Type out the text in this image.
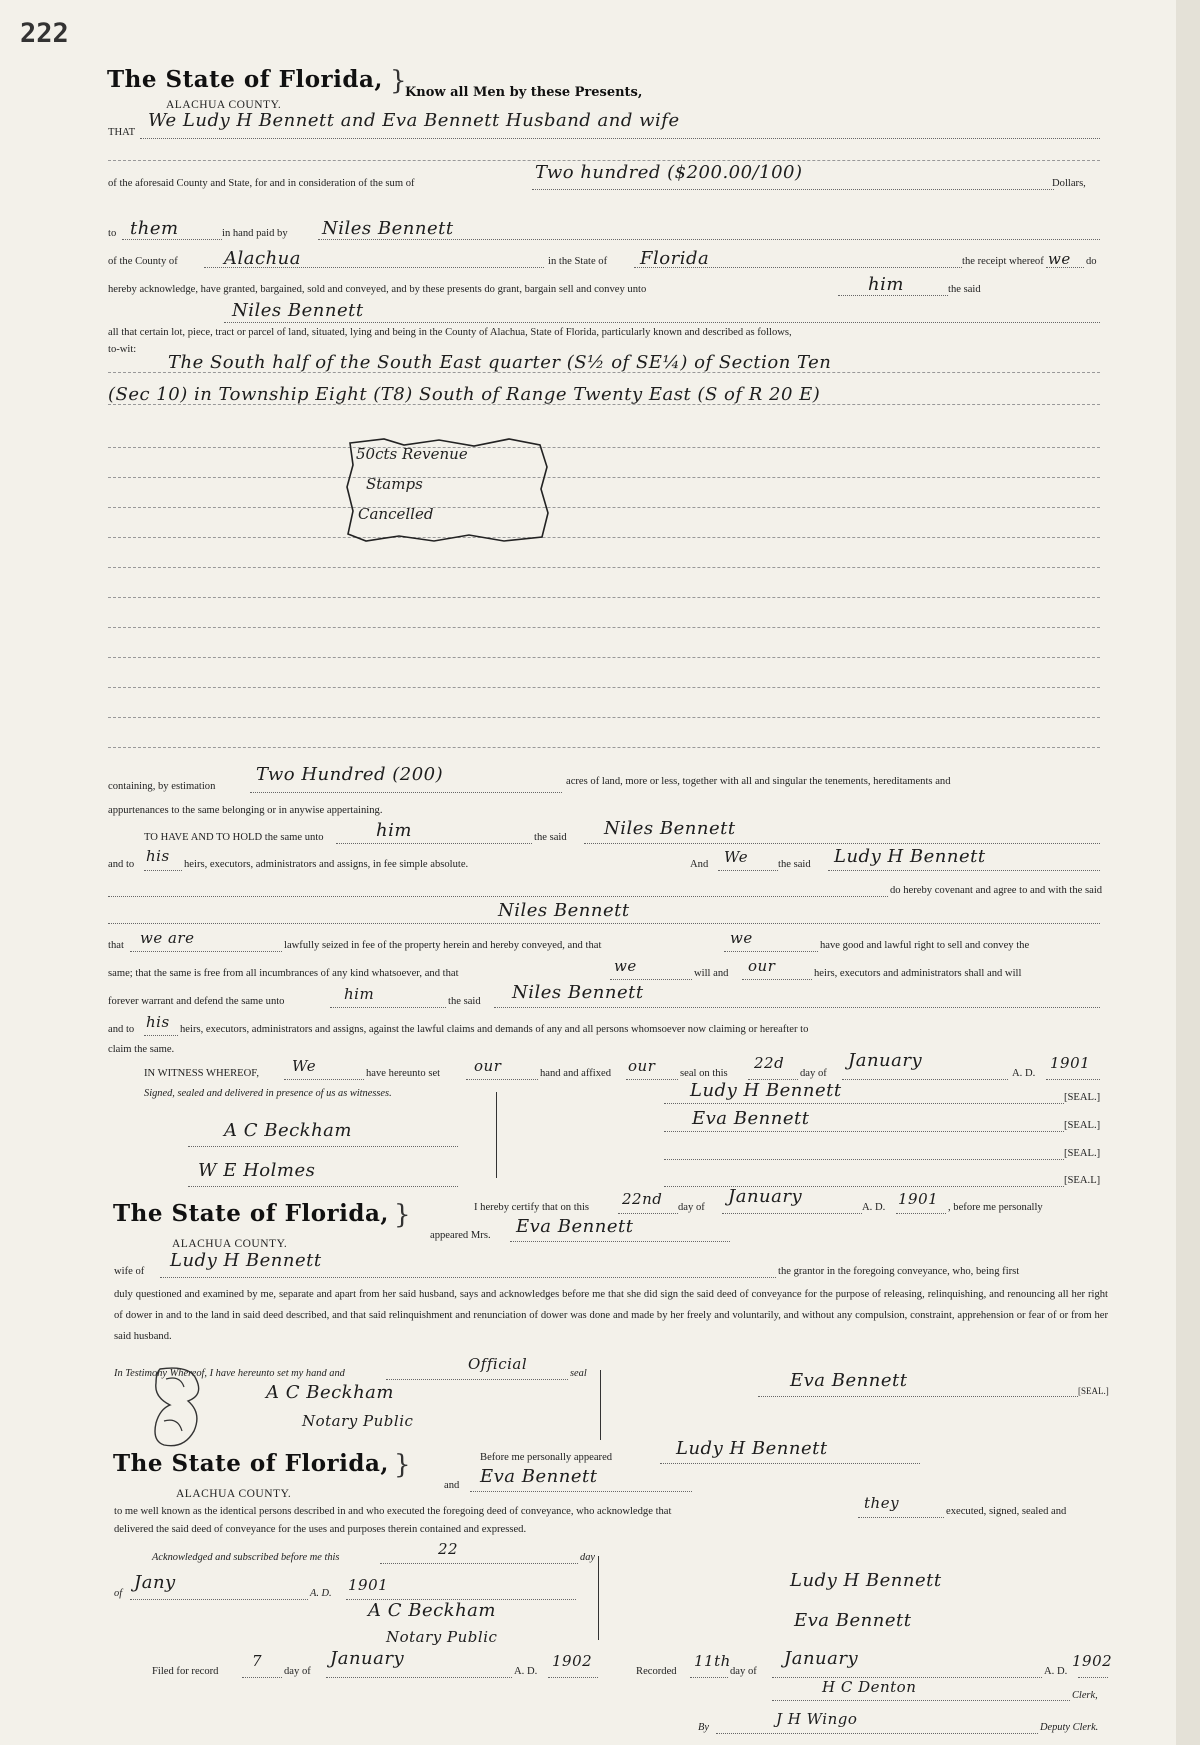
222
The State of Florida, }
Know all Men by these Presents,
ALACHUA COUNTY.
THAT
We Ludy H Bennett and Eva Bennett Husband and wife
of the aforesaid County and State, for and in consideration of the sum of
Two hundred ($200.00/100)
Dollars,
to them	in hand paid by Niles Bennett
of the County of	Alachua	in the State of Florida	the receipt whereof we do
hereby acknowledge, have granted, bargained, sold and conveyed, and by these presents do grant, bargain sell and convey unto	him	the said
Niles Bennett
all that certain lot, piece, tract or parcel of land, situated, lying and being in the County of Alachua, State of Florida, particularly known and described as follows,
to-wit:
The South half of the South East quarter (S½ of SE¼) of Section Ten
(Sec 10) in Township Eight (T8) South of Range Twenty East (S of R 20 E)
50cts Revenue
Stamps
Cancelled
containing, by estimation
Two Hundred (200)	acres of land, more or less, together with all and singular the tenements, hereditaments and
appurtenances to the same belonging or in anywise appertaining.
TO HAVE AND TO HOLD the same unto	him	the said Niles Bennett
and to his heirs, executors, administrators and assigns, in fee simple absolute.	And We	the said Ludy H Bennett
do hereby covenant and agree to and with the said
Niles Bennett
that we are	lawfully seized in fee of the property herein and hereby conveyed, and that	we	have good and lawful right to sell and convey the
same; that the same is free from all incumbrances of any kind whatsoever, and that	we	will and our	heirs, executors and administrators shall and will
forever warrant and defend the same unto	him	the said Niles Bennett
and to his heirs, executors, administrators and assigns, against the lawful claims and demands of any and all persons whomsoever now claiming or hereafter to
claim the same.
IN WITNESS WHEREOF, We	have hereunto set our	hand and affixed our seal on this
22d
day of
January
A. D.
1901
Signed, sealed and delivered in presence of us as witnesses.
A C Beckham
W E Holmes
Ludy H Bennett	[SEAL.]
Eva Bennett	[SEAL.]
[SEAL.]
[SEA.L]
The State of Florida, }
ALACHUA COUNTY.
I hereby certify that on this 22nd day of
January
A. D. 1901 , before me personally
appeared Mrs. Eva Bennett
wife of
Ludy H Bennett
the grantor in the foregoing conveyance, who, being first
duly questioned and examined by me, separate and apart from her said husband, says and acknowledges before me that she did sign the said deed of conveyance for the purpose of releasing, relinquishing, and renouncing all her right of dower in and to the land in said deed described, and that said relinquishment and renunciation of dower was done and made by her freely and voluntarily, and without any compulsion, constraint, apprehension or fear of or from her said husband.
In Testimony Whereof, I have hereunto set my hand and
Official
seal
A C Beckham
Notary Public
Eva Bennett	[SEAL.]
The State of Florida, }
ALACHUA COUNTY.
Before me personally appeared	Ludy H Bennett
and Eva Bennett
to me well known as the identical persons described in and who executed the foregoing deed of conveyance, who acknowledge that	they	executed, signed, sealed and
delivered the said deed of conveyance for the uses and purposes therein contained and expressed.
Acknowledged and subscribed before me this	22	day
of
Jany
A. D. 1901
A C Beckham
Notary Public
Ludy H Bennett
Eva Bennett
Filed for record
7
day of
January
A. D.
1902
Recorded
11th
day of
January
A. D.
1902
H C Denton	Clerk,
By	J H Wingo	Deputy Clerk.
